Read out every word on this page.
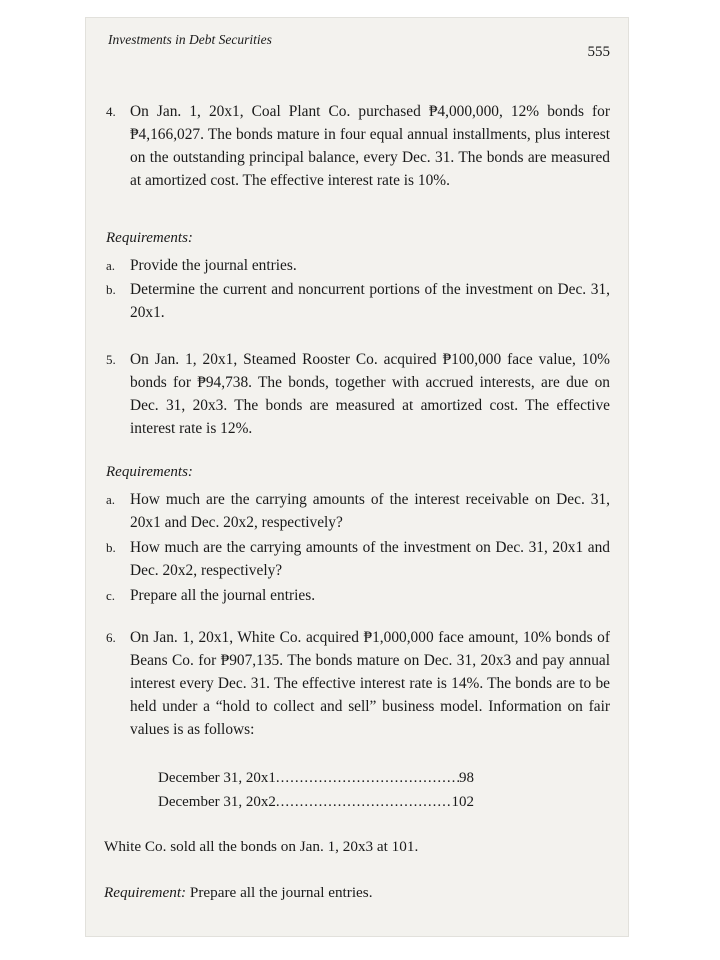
Investments in Debt Securities
555
4. On Jan. 1, 20x1, Coal Plant Co. purchased ₱4,000,000, 12% bonds for ₱4,166,027. The bonds mature in four equal annual installments, plus interest on the outstanding principal balance, every Dec. 31. The bonds are measured at amortized cost. The effective interest rate is 10%.
Requirements:
a. Provide the journal entries.
b. Determine the current and noncurrent portions of the investment on Dec. 31, 20x1.
5. On Jan. 1, 20x1, Steamed Rooster Co. acquired ₱100,000 face value, 10% bonds for ₱94,738. The bonds, together with accrued interests, are due on Dec. 31, 20x3. The bonds are measured at amortized cost. The effective interest rate is 12%.
Requirements:
a. How much are the carrying amounts of the interest receivable on Dec. 31, 20x1 and Dec. 20x2, respectively?
b. How much are the carrying amounts of the investment on Dec. 31, 20x1 and Dec. 20x2, respectively?
c. Prepare all the journal entries.
6. On Jan. 1, 20x1, White Co. acquired ₱1,000,000 face amount, 10% bonds of Beans Co. for ₱907,135. The bonds mature on Dec. 31, 20x3 and pay annual interest every Dec. 31. The effective interest rate is 14%. The bonds are to be held under a “hold to collect and sell” business model. Information on fair values is as follows:
December 31, 20x1 .....	98
December 31, 20x2 .....	102
White Co. sold all the bonds on Jan. 1, 20x3 at 101.
Requirement: Prepare all the journal entries.
